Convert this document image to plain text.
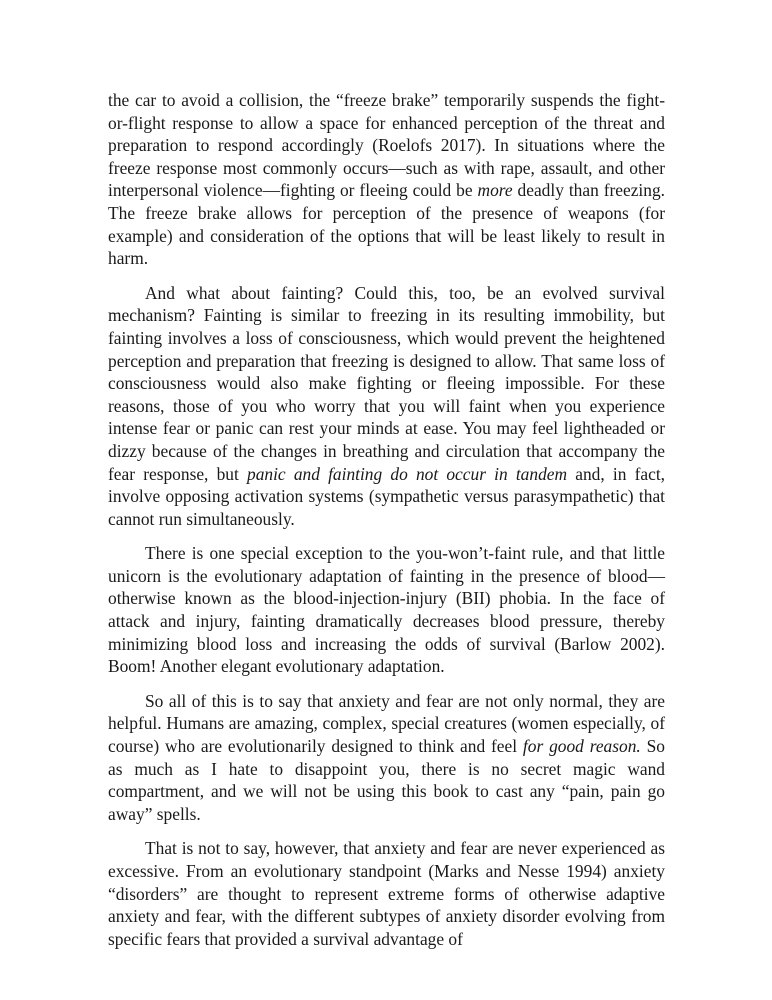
the car to avoid a collision, the “freeze brake” temporarily suspends the fight-or-flight response to allow a space for enhanced perception of the threat and preparation to respond accordingly (Roelofs 2017). In situations where the freeze response most commonly occurs—such as with rape, assault, and other interpersonal violence—fighting or fleeing could be more deadly than freezing. The freeze brake allows for perception of the presence of weapons (for example) and consideration of the options that will be least likely to result in harm.

And what about fainting? Could this, too, be an evolved survival mechanism? Fainting is similar to freezing in its resulting immobility, but fainting involves a loss of consciousness, which would prevent the heightened perception and preparation that freezing is designed to allow. That same loss of consciousness would also make fighting or fleeing impossible. For these reasons, those of you who worry that you will faint when you experience intense fear or panic can rest your minds at ease. You may feel lightheaded or dizzy because of the changes in breathing and circulation that accompany the fear response, but panic and fainting do not occur in tandem and, in fact, involve opposing activation systems (sympathetic versus parasympathetic) that cannot run simultaneously.

There is one special exception to the you-won’t-faint rule, and that little unicorn is the evolutionary adaptation of fainting in the presence of blood—otherwise known as the blood-injection-injury (BII) phobia. In the face of attack and injury, fainting dramatically decreases blood pressure, thereby minimizing blood loss and increasing the odds of survival (Barlow 2002). Boom! Another elegant evolutionary adaptation.

So all of this is to say that anxiety and fear are not only normal, they are helpful. Humans are amazing, complex, special creatures (women especially, of course) who are evolutionarily designed to think and feel for good reason. So as much as I hate to disappoint you, there is no secret magic wand compartment, and we will not be using this book to cast any “pain, pain go away” spells.

That is not to say, however, that anxiety and fear are never experienced as excessive. From an evolutionary standpoint (Marks and Nesse 1994) anxiety “disorders” are thought to represent extreme forms of otherwise adaptive anxiety and fear, with the different subtypes of anxiety disorder evolving from specific fears that provided a survival advantage of
